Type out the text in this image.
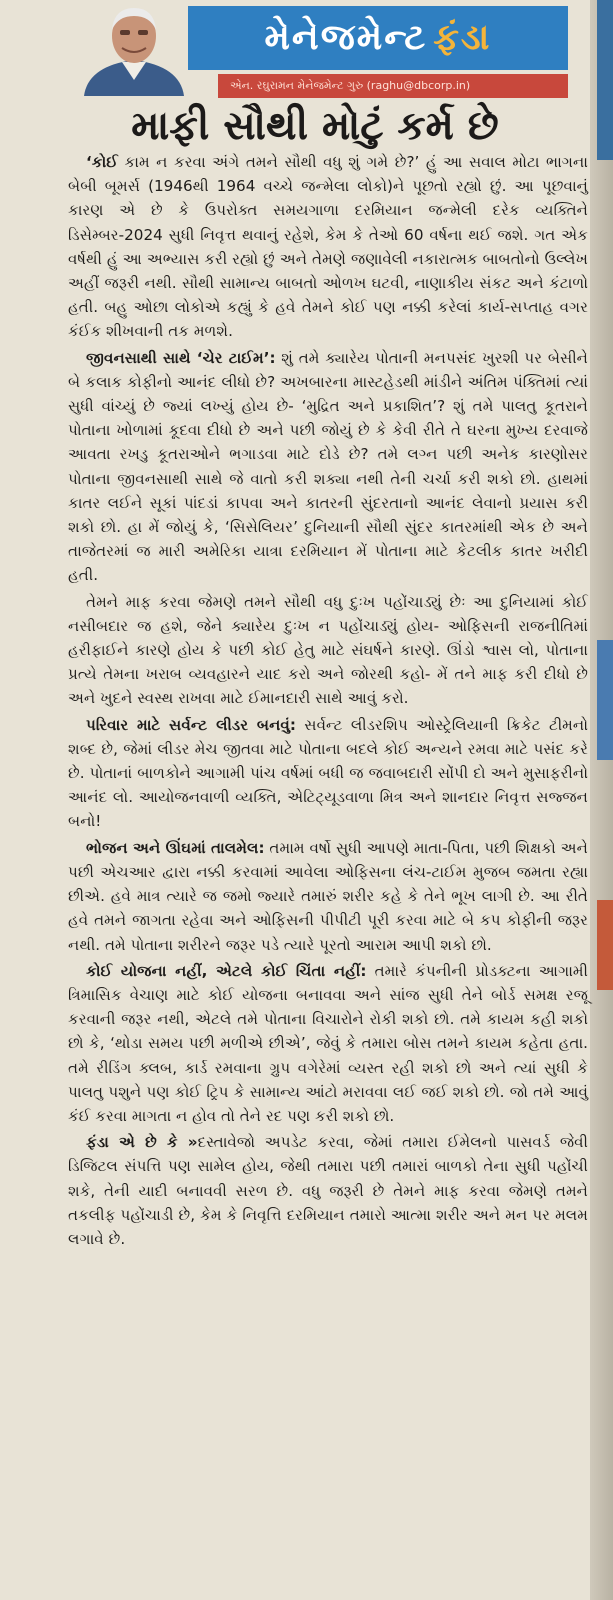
મેનેજમેન્ટ ફંડા
એન. રઘુરામન મેનેજમેન્ટ ગુરુ (raghu@dbcorp.in)
માફી સૌથી મોટું કર્મ છે

‘કોઈ કામ ન કરવા અંગે તમને સૌથી વધુ શું ગમે છે?’ હું આ સવાલ મોટા ભાગના બેબી બૂમર્સ (1946થી 1964 વચ્ચે જન્મેલા લોકો)ને પૂછતો રહ્યો છું. આ પૂછવાનું કારણ એ છે કે ઉપરોક્ત સમયગાળા દરમિયાન જન્મેલી દરેક વ્યક્તિને ડિસેમ્બર-2024 સુધી નિવૃત્ત થવાનું રહેશે, કેમ કે તેઓ 60 વર્ષના થઈ જશે. ગત એક વર્ષથી હું આ અભ્યાસ કરી રહ્યો છું અને તેમણે જણાવેલી નકારાત્મક બાબતોનો ઉલ્લેખ અહીં જરૂરી નથી. સૌથી સામાન્ય બાબતો ઓળખ ઘટવી, નાણાકીય સંકટ અને કંટાળો હતી. બહુ ઓછા લોકોએ કહ્યું કે હવે તેમને કોઈ પણ નક્કી કરેલાં કાર્ય-સપ્તાહ વગર કંઈક શીખવાની તક મળશે.

જીવનસાથી સાથે ‘ચેર ટાઈમ’: શું તમે ક્યારેય પોતાની મનપસંદ ખુરશી પર બેસીને બે કલાક કોફીનો આનંદ લીધો છે? અખબારના માસ્ટહેડથી માંડીને અંતિમ પંક્તિમાં ત્યાં સુધી વાંચ્યું છે જ્યાં લખ્યું હોય છે- ‘મુદ્રિત અને પ્રકાશિત’? શું તમે પાલતુ કૂતરાને પોતાના ખોળામાં કૂદવા દીધો છે અને પછી જોયું છે કે કેવી રીતે તે ઘરના મુખ્ય દરવાજે આવતા રખડુ કૂતરાઓને ભગાડવા માટે દોડે છે? તમે લગ્ન પછી અનેક કારણોસર પોતાના જીવનસાથી સાથે જે વાતો કરી શક્યા નથી તેની ચર્ચા કરી શકો છો. હાથમાં કાતર લઈને સૂકાં પાંદડાં કાપવા અને કાતરની સુંદરતાનો આનંદ લેવાનો પ્રયાસ કરી શકો છો. હા મેં જોયું કે, ‘સિસેલિયર’ દુનિયાની સૌથી સુંદર કાતરમાંથી એક છે અને તાજેતરમાં જ મારી અમેરિકા યાત્રા દરમિયાન મેં પોતાના માટે કેટલીક કાતર ખરીદી હતી.

તેમને માફ કરવા જેમણે તમને સૌથી વધુ દુઃખ પહોંચાડ્યું છેઃ આ દુનિયામાં કોઈ નસીબદાર જ હશે, જેને ક્યારેય દુઃખ ન પહોંચાડ્યું હોય- ઓફિસની રાજનીતિમાં હરીફાઈને કારણે હોય કે પછી કોઈ હેતુ માટે સંઘર્ષને કારણે. ઊંડો શ્વાસ લો, પોતાના પ્રત્યે તેમના ખરાબ વ્યવહારને યાદ કરો અને જોરથી કહો- મેં તને માફ કરી દીધો છે અને ખુદને સ્વસ્થ રાખવા માટે ઈમાનદારી સાથે આવું કરો.

પરિવાર માટે સર્વન્ટ લીડર બનવું: સર્વન્ટ લીડરશિપ ઓસ્ટ્રેલિયાની ક્રિકેટ ટીમનો શબ્દ છે, જેમાં લીડર મેચ જીતવા માટે પોતાના બદલે કોઈ અન્યને રમવા માટે પસંદ કરે છે. પોતાનાં બાળકોને આગામી પાંચ વર્ષમાં બધી જ જવાબદારી સોંપી દો અને મુસાફરીનો આનંદ લો. આયોજનવાળી વ્યક્તિ, એટિટ્યૂડવાળા મિત્ર અને શાનદાર નિવૃત્ત સજ્જન બનો!

ભોજન અને ઊંઘમાં તાલમેલ: તમામ વર્ષો સુધી આપણે માતા-પિતા, પછી શિક્ષકો અને પછી એચઆર દ્વારા નક્કી કરવામાં આવેલા ઓફિસના લંચ-ટાઈમ મુજબ જમતા રહ્યા છીએ. હવે માત્ર ત્યારે જ જમો જ્યારે તમારું શરીર કહે કે તેને ભૂખ લાગી છે. આ રીતે હવે તમને જાગતા રહેવા અને ઓફિસની પીપીટી પૂરી કરવા માટે બે કપ કોફીની જરૂર નથી. તમે પોતાના શરીરને જરૂર પડે ત્યારે પૂરતો આરામ આપી શકો છો.

કોઈ યોજના નહીં, એટલે કોઈ ચિંતા નહીં: તમારે કંપનીની પ્રોડક્ટના આગામી ત્રિમાસિક વેચાણ માટે કોઈ યોજના બનાવવા અને સાંજ સુધી તેને બોર્ડ સમક્ષ રજૂ કરવાની જરૂર નથી, એટલે તમે પોતાના વિચારોને રોકી શકો છો. તમે કાયમ કહી શકો છો કે, ‘થોડા સમય પછી મળીએ છીએ’, જેવું કે તમારા બોસ તમને કાયમ કહેતા હતા. તમે રીડિંગ ક્લબ, કાર્ડ રમવાના ગ્રુપ વગેરેમાં વ્યસ્ત રહી શકો છો અને ત્યાં સુધી કે પાલતુ પશુને પણ કોઈ ટ્રિપ કે સામાન્ય આંટો મરાવવા લઈ જઈ શકો છો. જો તમે આવું કંઈ કરવા માગતા ન હોવ તો તેને રદ પણ કરી શકો છો.

ફંડા એ છે કે »દસ્તાવેજો અપડેટ કરવા, જેમાં તમારા ઈમેલનો પાસવર્ડ જેવી ડિજિટલ સંપત્તિ પણ સામેલ હોય, જેથી તમારા પછી તમારાં બાળકો તેના સુધી પહોંચી શકે, તેની યાદી બનાવવી સરળ છે. વધુ જરૂરી છે તેમને માફ કરવા જેમણે તમને તકલીફ પહોંચાડી છે, કેમ કે નિવૃત્તિ દરમિયાન તમારો આત્મા શરીર અને મન પર મલમ લગાવે છે.
